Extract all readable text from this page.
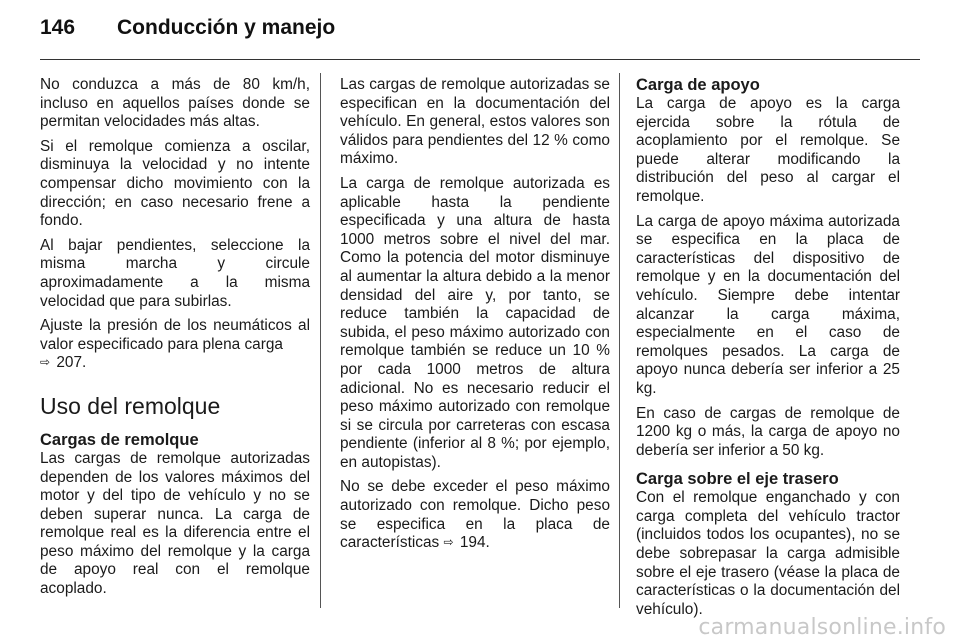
146 Conducción y manejo

No conduzca a más de 80 km/h, incluso en aquellos países donde se permitan velocidades más altas.

Si el remolque comienza a oscilar, disminuya la velocidad y no intente compensar dicho movimiento con la dirección; en caso necesario frene a fondo.

Al bajar pendientes, seleccione la misma marcha y circule aproximadamente a la misma velocidad que para subirlas.

Ajuste la presión de los neumáticos al valor especificado para plena carga
⇨ 207.

Uso del remolque
Cargas de remolque

Las cargas de remolque autorizadas dependen de los valores máximos del motor y del tipo de vehículo y no se deben superar nunca. La carga de remolque real es la diferencia entre el peso máximo del remolque y la carga de apoyo real con el remolque acoplado.

Las cargas de remolque autorizadas se especifican en la documentación del vehículo. En general, estos valores son válidos para pendientes del 12 % como máximo.

La carga de remolque autorizada es aplicable hasta la pendiente especificada y una altura de hasta 1000 metros sobre el nivel del mar. Como la potencia del motor disminuye al aumentar la altura debido a la menor densidad del aire y, por tanto, se reduce también la capacidad de subida, el peso máximo autorizado con remolque también se reduce un 10 % por cada 1000 metros de altura adicional. No es necesario reducir el peso máximo autorizado con remolque si se circula por carreteras con escasa pendiente (inferior al 8 %; por ejemplo, en autopistas).

No se debe exceder el peso máximo autorizado con remolque. Dicho peso se especifica en la placa de características ⇨ 194.

Carga de apoyo

La carga de apoyo es la carga ejercida sobre la rótula de acoplamiento por el remolque. Se puede alterar modificando la distribución del peso al cargar el remolque.

La carga de apoyo máxima autorizada se especifica en la placa de características del dispositivo de remolque y en la documentación del vehículo. Siempre debe intentar alcanzar la carga máxima, especialmente en el caso de remolques pesados. La carga de apoyo nunca debería ser inferior a 25 kg.

En caso de cargas de remolque de 1200 kg o más, la carga de apoyo no debería ser inferior a 50 kg.

Carga sobre el eje trasero

Con el remolque enganchado y con carga completa del vehículo tractor (incluidos todos los ocupantes), no se debe sobrepasar la carga admisible sobre el eje trasero (véase la placa de características o la documentación del vehículo).

carmanualsonline.info
